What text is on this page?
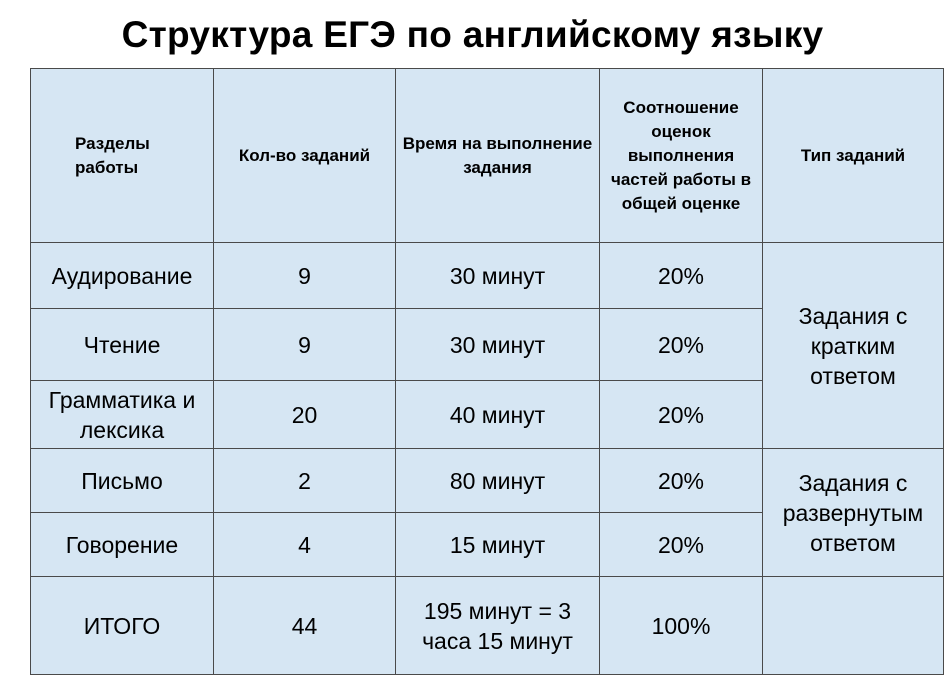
Структура ЕГЭ по английскому языку
Разделы работы	Кол-во заданий	Время на выполнение задания	Соотношение оценок выполнения частей работы в общей оценке	Тип заданий
Аудирование	9	30 минут	20%	Задания с кратким ответом
Чтение	9	30 минут	20%	
Грамматика и лексика	20	40 минут	20%	
Письмо	2	80 минут	20%	Задания с развернутым ответом
Говорение	4	15 минут	20%	
ИТОГО	44	195 минут = 3 часа 15 минут	100%	
